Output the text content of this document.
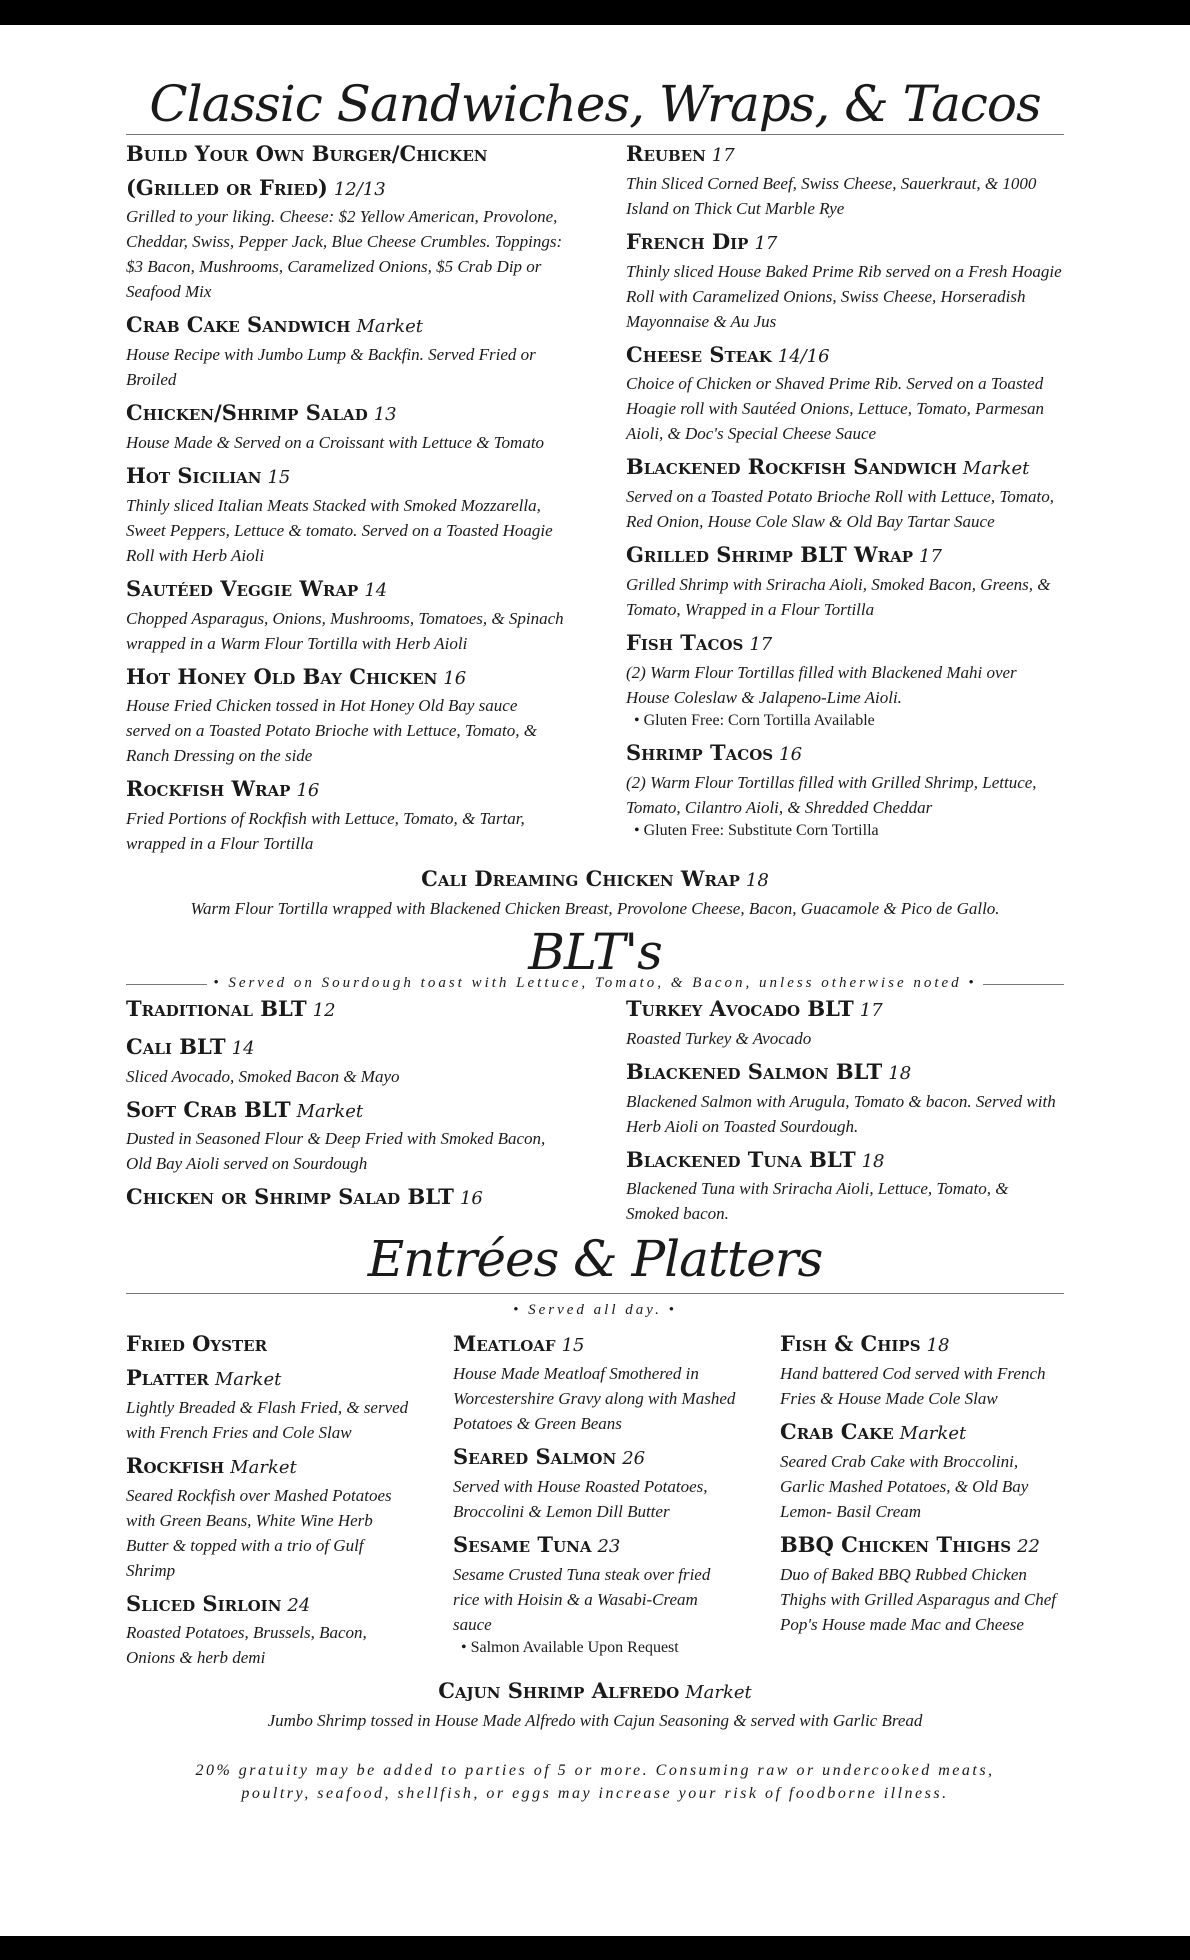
Classic Sandwiches, Wraps, & Tacos
Build Your Own Burger/Chicken (Grilled or Fried) 12/13
Grilled to your liking. Cheese: $2 Yellow American, Provolone, Cheddar, Swiss, Pepper Jack, Blue Cheese Crumbles. Toppings: $3 Bacon, Mushrooms, Caramelized Onions, $5 Crab Dip or Seafood Mix
Crab Cake Sandwich Market
House Recipe with Jumbo Lump & Backfin. Served Fried or Broiled
Chicken/Shrimp Salad 13
House Made & Served on a Croissant with Lettuce & Tomato
Hot Sicilian 15
Thinly sliced Italian Meats Stacked with Smoked Mozzarella, Sweet Peppers, Lettuce & tomato. Served on a Toasted Hoagie Roll with Herb Aioli
Sautéed Veggie Wrap 14
Chopped Asparagus, Onions, Mushrooms, Tomatoes, & Spinach wrapped in a Warm Flour Tortilla with Herb Aioli
Hot Honey Old Bay Chicken 16
House Fried Chicken tossed in Hot Honey Old Bay sauce served on a Toasted Potato Brioche with Lettuce, Tomato, & Ranch Dressing on the side
Rockfish Wrap 16
Fried Portions of Rockfish with Lettuce, Tomato, & Tartar, wrapped in a Flour Tortilla
Reuben 17
Thin Sliced Corned Beef, Swiss Cheese, Sauerkraut, & 1000 Island on Thick Cut Marble Rye
French Dip 17
Thinly sliced House Baked Prime Rib served on a Fresh Hoagie Roll with Caramelized Onions, Swiss Cheese, Horseradish Mayonnaise & Au Jus
Cheese Steak 14/16
Choice of Chicken or Shaved Prime Rib. Served on a Toasted Hoagie roll with Sautéed Onions, Lettuce, Tomato, Parmesan Aioli, & Doc's Special Cheese Sauce
Blackened Rockfish Sandwich Market
Served on a Toasted Potato Brioche Roll with Lettuce, Tomato, Red Onion, House Cole Slaw & Old Bay Tartar Sauce
Grilled Shrimp BLT Wrap 17
Grilled Shrimp with Sriracha Aioli, Smoked Bacon, Greens, & Tomato, Wrapped in a Flour Tortilla
Fish Tacos 17
(2) Warm Flour Tortillas filled with Blackened Mahi over House Coleslaw & Jalapeno-Lime Aioli.
• Gluten Free: Corn Tortilla Available
Shrimp Tacos 16
(2) Warm Flour Tortillas filled with Grilled Shrimp, Lettuce, Tomato, Cilantro Aioli, & Shredded Cheddar
• Gluten Free: Substitute Corn Tortilla
Cali Dreaming Chicken Wrap 18
Warm Flour Tortilla wrapped with Blackened Chicken Breast, Provolone Cheese, Bacon, Guacamole & Pico de Gallo.
BLT's
• Served on Sourdough toast with Lettuce, Tomato, & Bacon, unless otherwise noted •
Traditional BLT 12
Cali BLT 14
Sliced Avocado, Smoked Bacon & Mayo
Soft Crab BLT Market
Dusted in Seasoned Flour & Deep Fried with Smoked Bacon, Old Bay Aioli served on Sourdough
Chicken or Shrimp Salad BLT 16
Turkey Avocado BLT 17
Roasted Turkey & Avocado
Blackened Salmon BLT 18
Blackened Salmon with Arugula, Tomato & bacon. Served with Herb Aioli on Toasted Sourdough.
Blackened Tuna BLT 18
Blackened Tuna with Sriracha Aioli, Lettuce, Tomato, & Smoked bacon.
Entrées & Platters
• Served all day. •
Fried Oyster Platter Market
Lightly Breaded & Flash Fried, & served with French Fries and Cole Slaw
Rockfish Market
Seared Rockfish over Mashed Potatoes with Green Beans, White Wine Herb Butter & topped with a trio of Gulf Shrimp
Sliced Sirloin 24
Roasted Potatoes, Brussels, Bacon, Onions & herb demi
Meatloaf 15
House Made Meatloaf Smothered in Worcestershire Gravy along with Mashed Potatoes & Green Beans
Seared Salmon 26
Served with House Roasted Potatoes, Broccolini & Lemon Dill Butter
Sesame Tuna 23
Sesame Crusted Tuna steak over fried rice with Hoisin & a Wasabi-Cream sauce
• Salmon Available Upon Request
Fish & Chips 18
Hand battered Cod served with French Fries & House Made Cole Slaw
Crab Cake Market
Seared Crab Cake with Broccolini, Garlic Mashed Potatoes, & Old Bay Lemon- Basil Cream
BBQ Chicken Thighs 22
Duo of Baked BBQ Rubbed Chicken Thighs with Grilled Asparagus and Chef Pop's House made Mac and Cheese
Cajun Shrimp Alfredo Market
Jumbo Shrimp tossed in House Made Alfredo with Cajun Seasoning & served with Garlic Bread
20% gratuity may be added to parties of 5 or more. Consuming raw or undercooked meats, poultry, seafood, shellfish, or eggs may increase your risk of foodborne illness.
